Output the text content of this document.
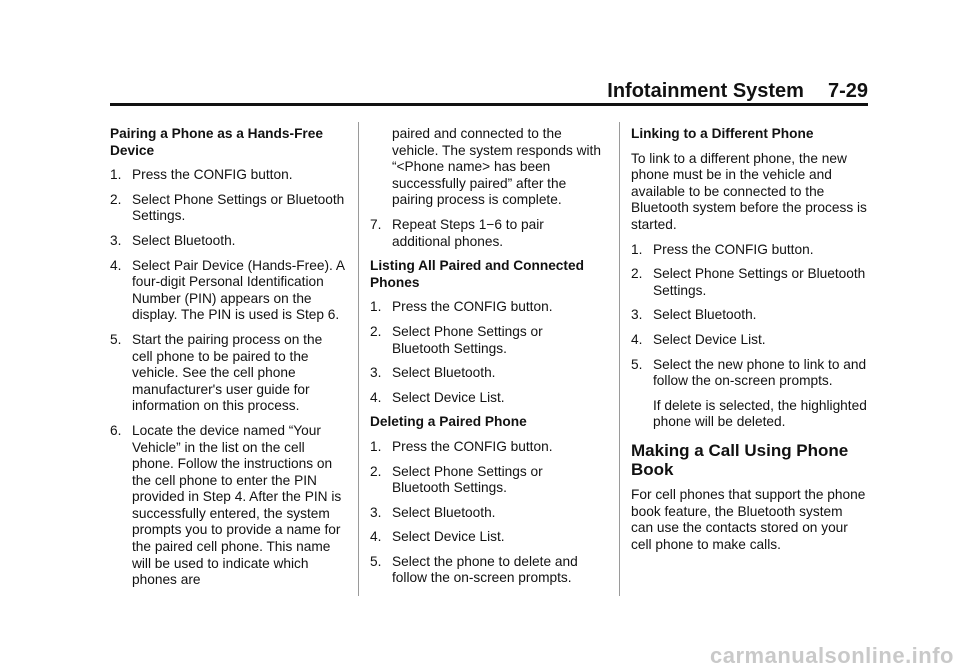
Infotainment System 7-29
Pairing a Phone as a Hands-Free Device
1. Press the CONFIG button.
2. Select Phone Settings or Bluetooth Settings.
3. Select Bluetooth.
4. Select Pair Device (Hands-Free). A four-digit Personal Identification Number (PIN) appears on the display. The PIN is used is Step 6.
5. Start the pairing process on the cell phone to be paired to the vehicle. See the cell phone manufacturer's user guide for information on this process.
6. Locate the device named “Your Vehicle” in the list on the cell phone. Follow the instructions on the cell phone to enter the PIN provided in Step 4. After the PIN is successfully entered, the system prompts you to provide a name for the paired cell phone. This name will be used to indicate which phones are
paired and connected to the vehicle. The system responds with “<Phone name> has been successfully paired” after the pairing process is complete.
7. Repeat Steps 1−6 to pair additional phones.
Listing All Paired and Connected Phones
1. Press the CONFIG button.
2. Select Phone Settings or Bluetooth Settings.
3. Select Bluetooth.
4. Select Device List.
Deleting a Paired Phone
1. Press the CONFIG button.
2. Select Phone Settings or Bluetooth Settings.
3. Select Bluetooth.
4. Select Device List.
5. Select the phone to delete and follow the on-screen prompts.
Linking to a Different Phone
To link to a different phone, the new phone must be in the vehicle and available to be connected to the Bluetooth system before the process is started.
1. Press the CONFIG button.
2. Select Phone Settings or Bluetooth Settings.
3. Select Bluetooth.
4. Select Device List.
5. Select the new phone to link to and follow the on-screen prompts.
If delete is selected, the highlighted phone will be deleted.
Making a Call Using Phone Book
For cell phones that support the phone book feature, the Bluetooth system can use the contacts stored on your cell phone to make calls.
carmanualsonline.info
